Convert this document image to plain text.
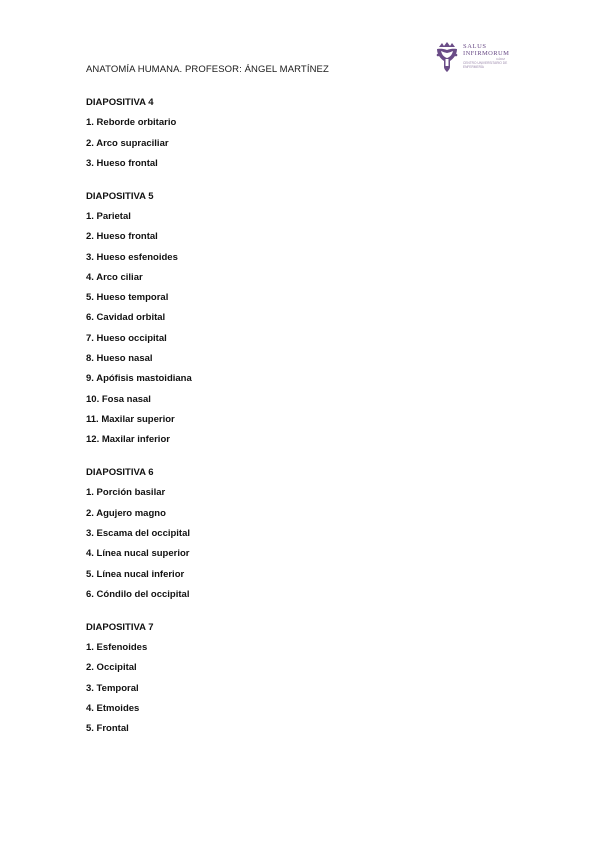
ANATOMÍA HUMANA. PROFESOR: ÁNGEL MARTÍNEZ
SALUS
INFIRMORUM
CÁDIZ
CENTRO UNIVERSITARIO DE ENFERMERÍA
DIAPOSITIVA 4
1. Reborde orbitario
2. Arco supraciliar
3. Hueso frontal
DIAPOSITIVA 5
1. Parietal
2. Hueso frontal
3. Hueso esfenoides
4. Arco ciliar
5. Hueso temporal
6. Cavidad orbital
7. Hueso occipital
8. Hueso nasal
9. Apófisis mastoidiana
10. Fosa nasal
11. Maxilar superior
12. Maxilar inferior
DIAPOSITIVA 6
1. Porción basilar
2. Agujero magno
3. Escama del occipital
4. Línea nucal superior
5. Línea nucal inferior
6. Cóndilo del occipital
DIAPOSITIVA 7
1. Esfenoides
2. Occipital
3. Temporal
4. Etmoides
5. Frontal
